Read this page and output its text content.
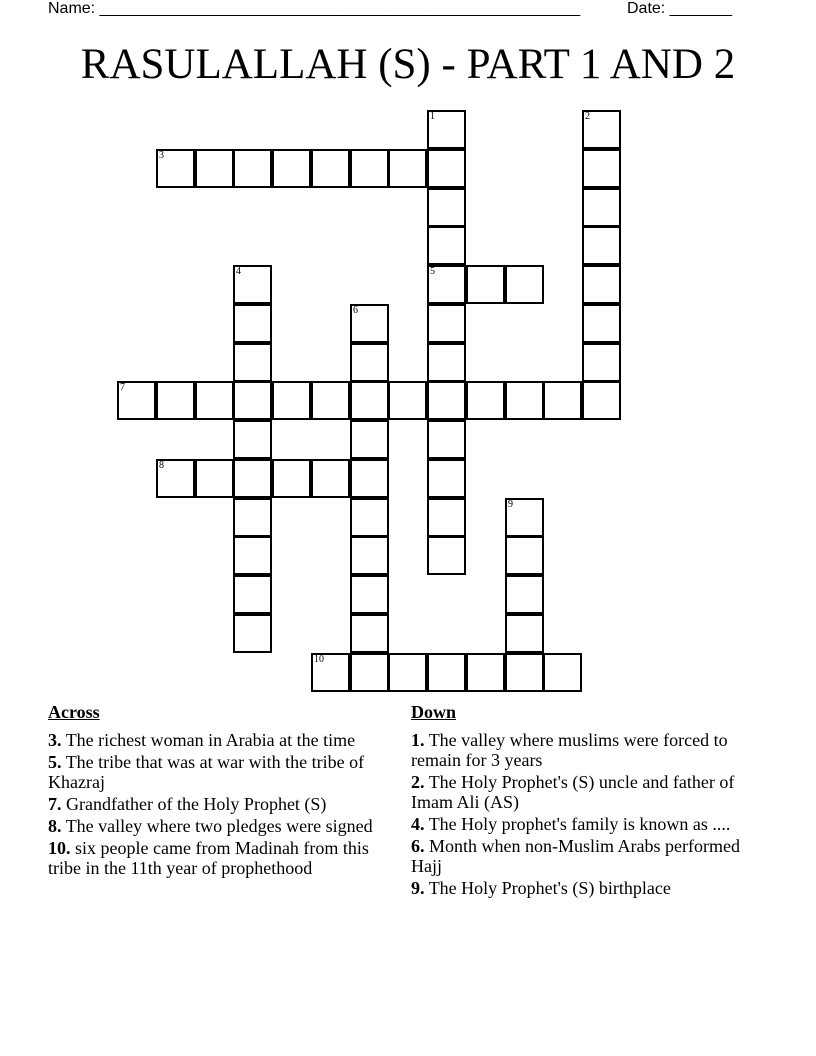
Name: ______________________________________________________	Date: _______
RASULALLAH (S) - PART 1 AND 2
3
5
7
8
10
1	2
4
6
9
Across
3. The richest woman in Arabia at the time
5. The tribe that was at war with the tribe of Khazraj
7. Grandfather of the Holy Prophet (S)
8. The valley where two pledges were signed
10. six people came from Madinah from this tribe in the 11th year of prophethood
Down
1. The valley where muslims were forced to remain for 3 years
2. The Holy Prophet's (S) uncle and father of Imam Ali (AS)
4. The Holy prophet's family is known as ....
6. Month when non-Muslim Arabs performed Hajj
9. The Holy Prophet's (S) birthplace
